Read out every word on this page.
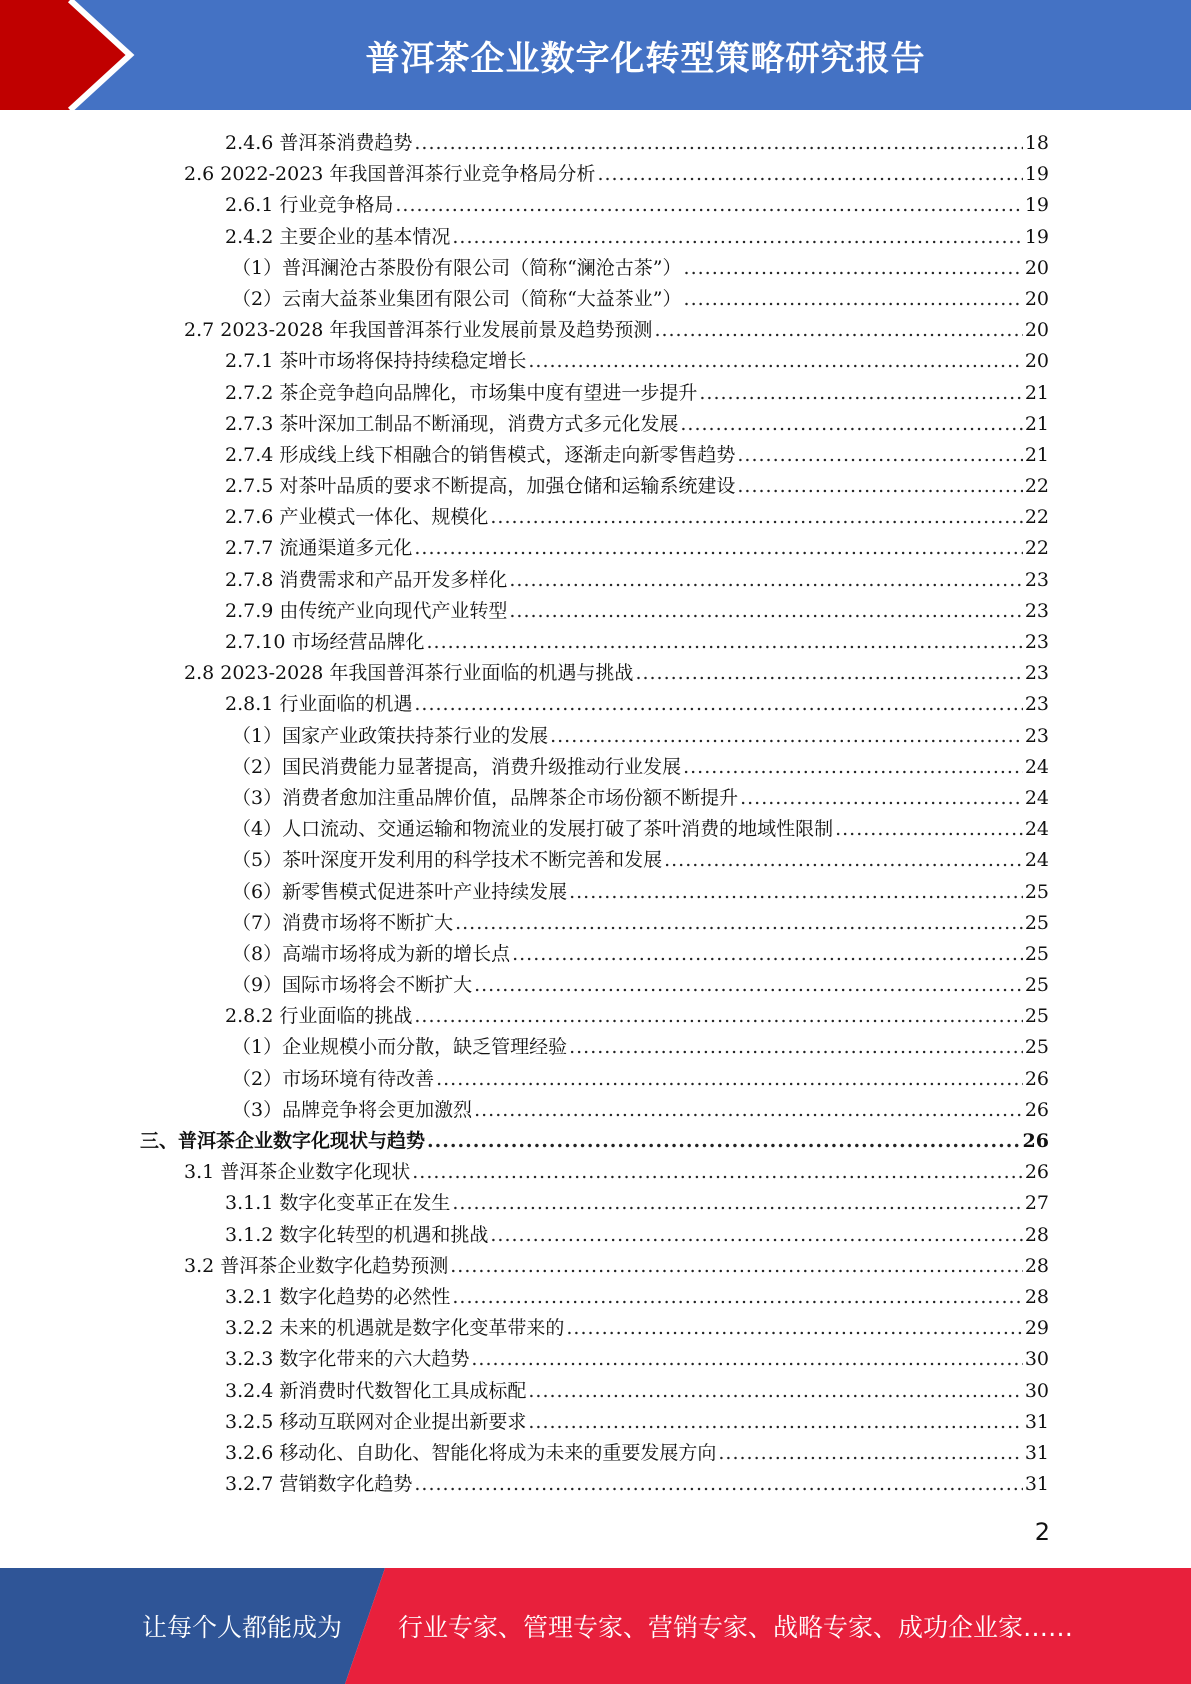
普洱茶企业数字化转型策略研究报告
2.4.6 普洱茶消费趋势 .....	18
2.6 2022-2023 年我国普洱茶行业竞争格局分析 .....	19
2.6.1 行业竞争格局 .....	19
2.4.2 主要企业的基本情况 .....	19
（1）普洱澜沧古茶股份有限公司（简称“澜沧古茶”） .....	20
（2）云南大益茶业集团有限公司（简称“大益茶业”） .....	20
2.7 2023-2028 年我国普洱茶行业发展前景及趋势预测 .....	20
2.7.1 茶叶市场将保持持续稳定增长 .....	20
2.7.2 茶企竞争趋向品牌化，市场集中度有望进一步提升 .....	21
2.7.3 茶叶深加工制品不断涌现，消费方式多元化发展 .....	21
2.7.4 形成线上线下相融合的销售模式，逐渐走向新零售趋势 .....	21
2.7.5 对茶叶品质的要求不断提高，加强仓储和运输系统建设 .....	22
2.7.6 产业模式一体化、规模化 .....	22
2.7.7 流通渠道多元化 .....	22
2.7.8 消费需求和产品开发多样化 .....	23
2.7.9 由传统产业向现代产业转型 .....	23
2.7.10 市场经营品牌化 .....	23
2.8 2023-2028 年我国普洱茶行业面临的机遇与挑战 .....	23
2.8.1 行业面临的机遇 .....	23
（1）国家产业政策扶持茶行业的发展 .....	23
（2）国民消费能力显著提高，消费升级推动行业发展 .....	24
（3）消费者愈加注重品牌价值，品牌茶企市场份额不断提升 .....	24
（4）人口流动、交通运输和物流业的发展打破了茶叶消费的地域性限制 .....	24
（5）茶叶深度开发利用的科学技术不断完善和发展 .....	24
（6）新零售模式促进茶叶产业持续发展 .....	25
（7）消费市场将不断扩大 .....	25
（8）高端市场将成为新的增长点 .....	25
（9）国际市场将会不断扩大 .....	25
2.8.2 行业面临的挑战 .....	25
（1）企业规模小而分散，缺乏管理经验 .....	25
（2）市场环境有待改善 .....	26
（3）品牌竞争将会更加激烈 .....	26
三、普洱茶企业数字化现状与趋势 .....	26
3.1 普洱茶企业数字化现状 .....	26
3.1.1 数字化变革正在发生 .....	27
3.1.2 数字化转型的机遇和挑战 .....	28
3.2 普洱茶企业数字化趋势预测 .....	28
3.2.1 数字化趋势的必然性 .....	28
3.2.2 未来的机遇就是数字化变革带来的 .....	29
3.2.3 数字化带来的六大趋势 .....	30
3.2.4 新消费时代数智化工具成标配 .....	30
3.2.5 移动互联网对企业提出新要求 .....	31
3.2.6 移动化、自助化、智能化将成为未来的重要发展方向 .....	31
3.2.7 营销数字化趋势 .....	31
2
让每个人都能成为 行业专家、管理专家、营销专家、战略专家、成功企业家……
